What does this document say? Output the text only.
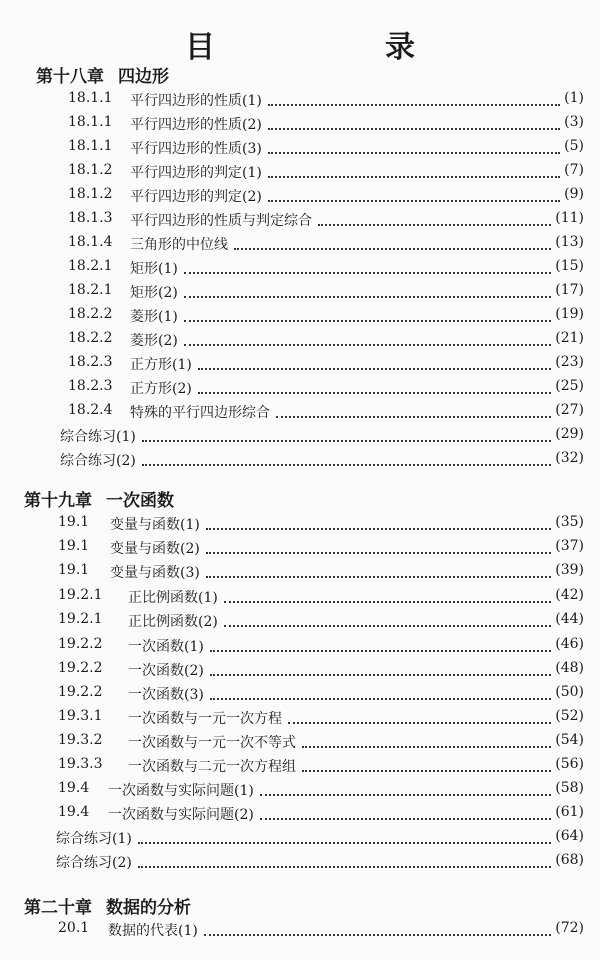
目　录
第十八章 四边形
第十九章 一次函数
第二十章 数据的分析
18.1.1 平行四边形的性质(1)	(1)
18.1.1 平行四边形的性质(2)	(3)
18.1.1 平行四边形的性质(3)	(5)
18.1.2 平行四边形的判定(1)	(7)
18.1.2 平行四边形的判定(2)	(9)
18.1.3 平行四边形的性质与判定综合	(11)
18.1.4 三角形的中位线	(13)
18.2.1 矩形(1)	(15)
18.2.1 矩形(2)	(17)
18.2.2 菱形(1)	(19)
18.2.2 菱形(2)	(21)
18.2.3 正方形(1)	(23)
18.2.3 正方形(2)	(25)
18.2.4 特殊的平行四边形综合	(27)
综合练习(1)	(29)
综合练习(2)	(32)
19.1 变量与函数(1)	(35)
19.1 变量与函数(2)	(37)
19.1 变量与函数(3)	(39)
19.2.1 正比例函数(1)	(42)
19.2.1 正比例函数(2)	(44)
19.2.2 一次函数(1)	(46)
19.2.2 一次函数(2)	(48)
19.2.2 一次函数(3)	(50)
19.3.1 一次函数与一元一次方程	(52)
19.3.2 一次函数与一元一次不等式	(54)
19.3.3 一次函数与二元一次方程组	(56)
19.4 一次函数与实际问题(1)	(58)
19.4 一次函数与实际问题(2)	(61)
综合练习(1)	(64)
综合练习(2)	(68)
20.1 数据的代表(1)	(72)
